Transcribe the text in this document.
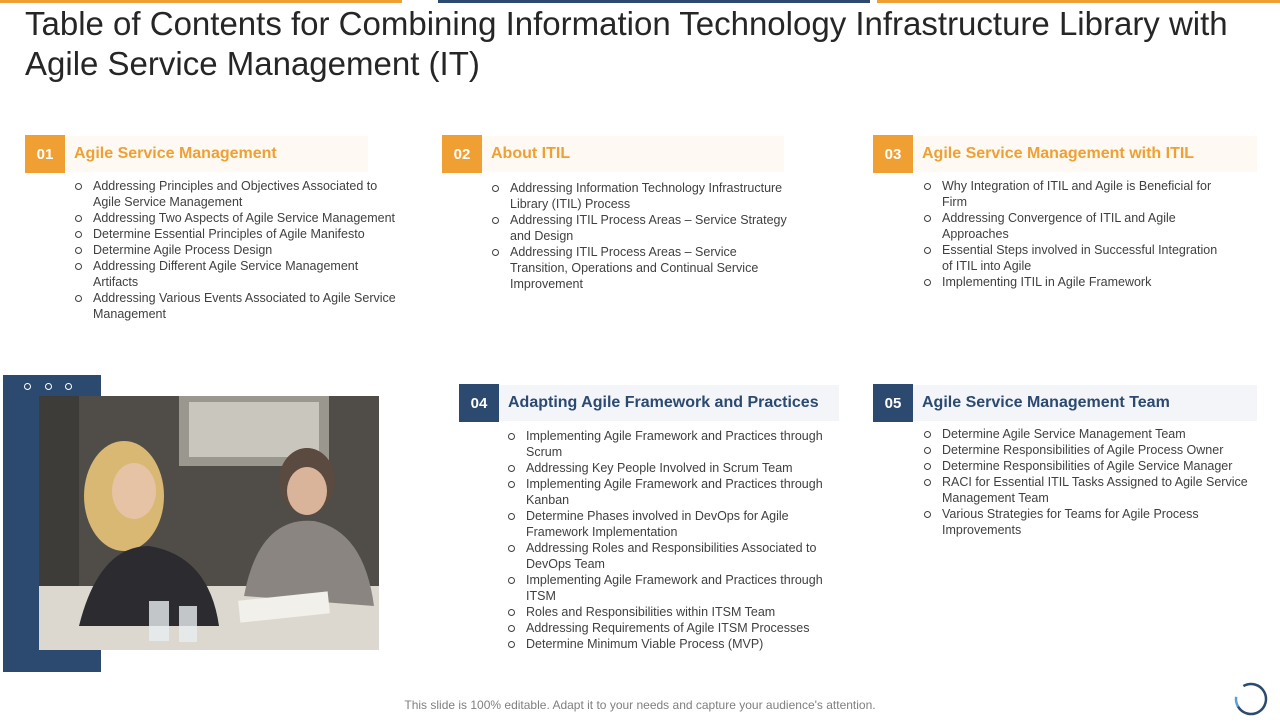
Table of Contents for Combining Information Technology Infrastructure Library with Agile Service Management (IT)
01	Agile Service Management
Addressing Principles and Objectives Associated to Agile Service Management
Addressing Two Aspects of Agile Service Management
Determine Essential Principles of Agile Manifesto
Determine Agile Process Design
Addressing Different Agile Service Management Artifacts
Addressing Various Events Associated to Agile Service Management
02	About ITIL
Addressing Information Technology Infrastructure Library (ITIL) Process
Addressing ITIL Process Areas – Service Strategy and Design
Addressing ITIL Process Areas – Service Transition, Operations and Continual Service Improvement
03	Agile Service Management with ITIL
Why Integration of ITIL and Agile is Beneficial for Firm
Addressing Convergence of ITIL and Agile Approaches
Essential Steps involved in Successful Integration of ITIL into Agile
Implementing ITIL in Agile Framework
04	Adapting Agile Framework and Practices
Implementing Agile Framework and Practices through Scrum
Addressing Key People Involved in Scrum Team
Implementing Agile Framework and Practices through Kanban
Determine Phases involved in DevOps for Agile Framework Implementation
Addressing Roles and Responsibilities Associated to DevOps Team
Implementing Agile Framework and Practices through ITSM
Roles and Responsibilities within ITSM Team
Addressing Requirements of Agile ITSM Processes
Determine Minimum Viable Process (MVP)
05	Agile Service Management Team
Determine Agile Service Management Team
Determine Responsibilities of Agile Process Owner
Determine Responsibilities of Agile Service Manager
RACI for Essential ITIL Tasks Assigned to Agile Service Management Team
Various Strategies for Teams for Agile Process Improvements
This slide is 100% editable. Adapt it to your needs and capture your audience's attention.
